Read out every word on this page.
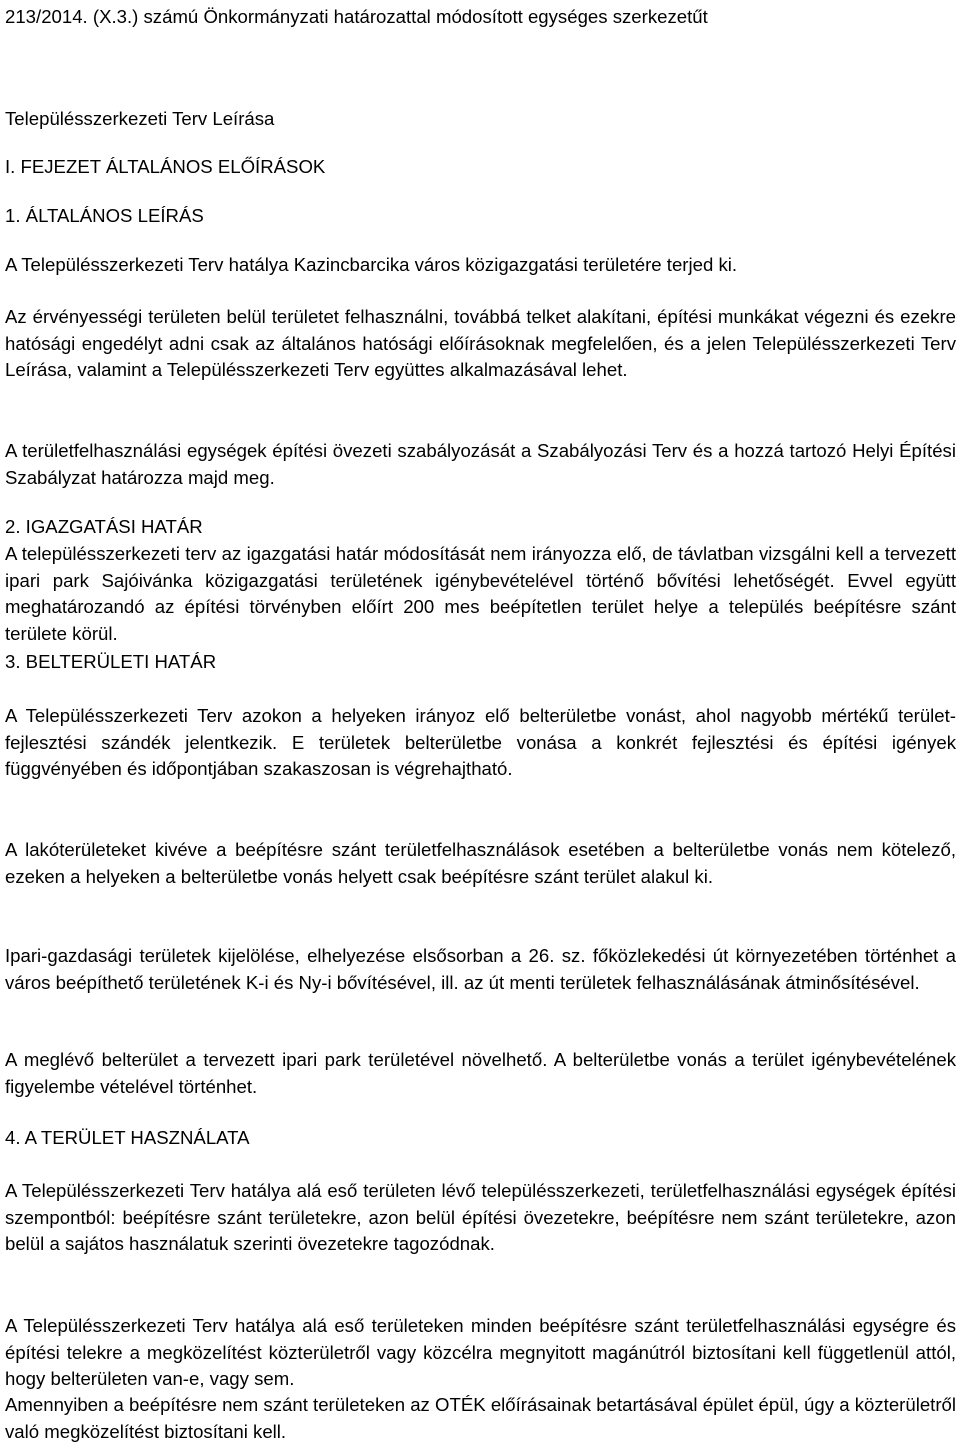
213/2014. (X.3.) számú Önkormányzati határozattal módosított egységes szerkezetűt

Településszerkezeti Terv Leírása

I. FEJEZET ÁLTALÁNOS ELŐÍRÁSOK

1. ÁLTALÁNOS LEÍRÁS

A Településszerkezeti Terv hatálya Kazincbarcika város közigazgatási területére terjed ki.

Az érvényességi területen belül területet felhasználni, továbbá telket alakítani, építési munkákat végezni és ezekre hatósági engedélyt adni csak az általános hatósági előírásoknak megfelelően, és a jelen Településszerkezeti Terv Leírása, valamint a Településszerkezeti Terv együttes alkalmazásával lehet.

A területfelhasználási egységek építési övezeti szabályozását a Szabályozási Terv és a hozzá tartozó Helyi Építési Szabályzat határozza majd meg.

2. IGAZGATÁSI HATÁR

A településszerkezeti terv az igazgatási határ módosítását nem irányozza elő, de távlatban vizsgálni kell a tervezett ipari park Sajóivánka közigazgatási területének igénybevételével történő bővítési lehetőségét. Evvel együtt meghatározandó az építési törvényben előírt 200 mes beépítetlen terület helye a település beépítésre szánt területe körül.

3. BELTERÜLETI HATÁR

A Településszerkezeti Terv azokon a helyeken irányoz elő belterületbe vonást, ahol nagyobb mértékű terület-fejlesztési szándék jelentkezik. E területek belterületbe vonása a konkrét fejlesztési és építési igények függvényében és időpontjában szakaszosan is végrehajtható.

A lakóterületeket kivéve a beépítésre szánt területfelhasználások esetében a belterületbe vonás nem kötelező, ezeken a helyeken a belterületbe vonás helyett csak beépítésre szánt terület alakul ki.

Ipari-gazdasági területek kijelölése, elhelyezése elsősorban a 26. sz. főközlekedési út környezetében történhet a város beépíthető területének K-i és Ny-i bővítésével, ill. az út menti területek felhasználásának átminősítésével.

A meglévő belterület a tervezett ipari park területével növelhető. A belterületbe vonás a terület igénybevételének figyelembe vételével történhet.

4. A TERÜLET HASZNÁLATA

A Településszerkezeti Terv hatálya alá eső területen lévő településszerkezeti, területfelhasználási egységek építési szempontból: beépítésre szánt területekre, azon belül építési övezetekre, beépítésre nem szánt területekre, azon belül a sajátos használatuk szerinti övezetekre tagozódnak.

A Településszerkezeti Terv hatálya alá eső területeken minden beépítésre szánt területfelhasználási egységre és építési telekre a megközelítést közterületről vagy közcélra megnyitott magánútról biztosítani kell függetlenül attól, hogy belterületen van-e, vagy sem.

Amennyiben a beépítésre nem szánt területeken az OTÉK előírásainak betartásával épület épül, úgy a közterületről való megközelítést biztosítani kell.
